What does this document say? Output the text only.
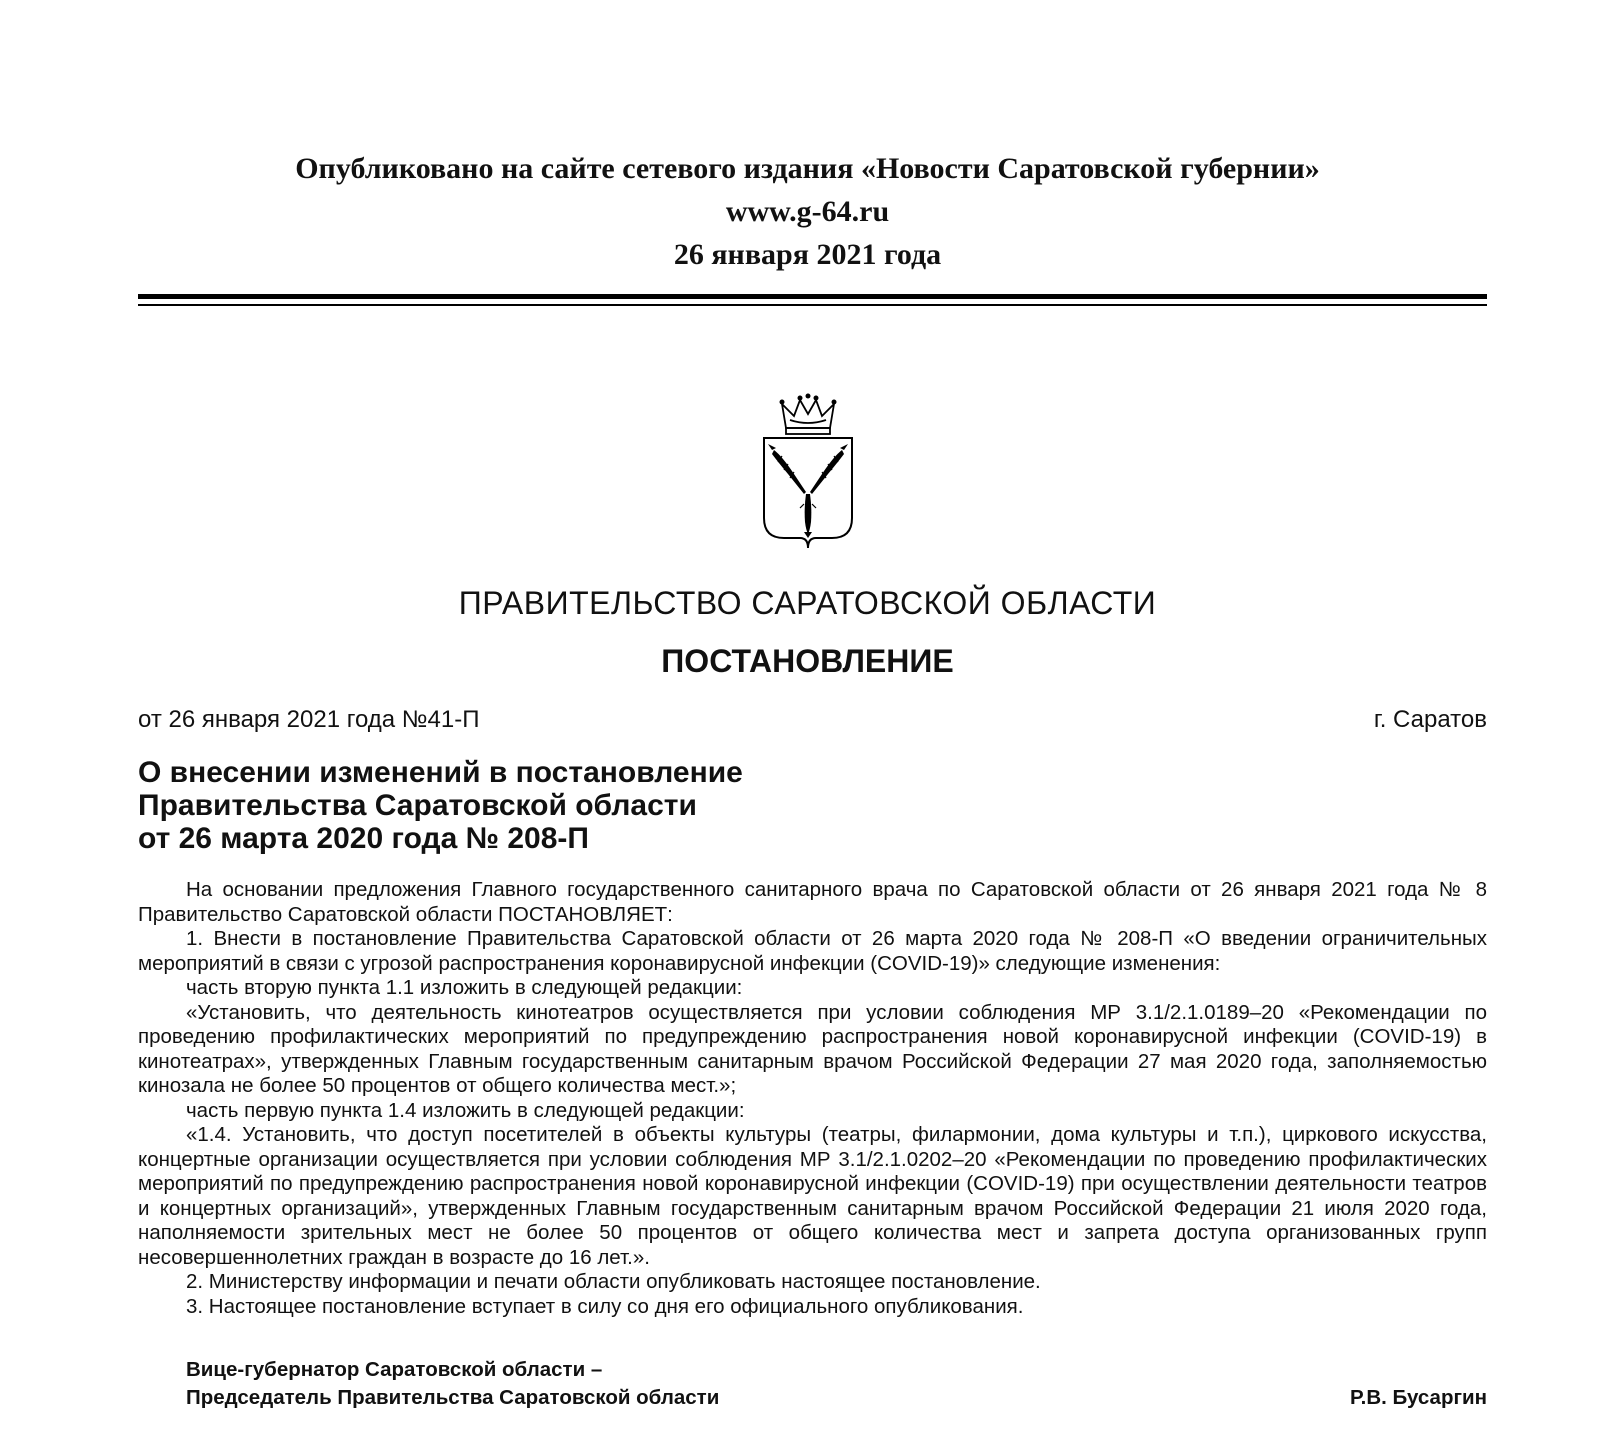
Опубликовано на сайте сетевого издания «Новости Саратовской губернии»
www.g-64.ru
26 января 2021 года
ПРАВИТЕЛЬСТВО САРАТОВСКОЙ ОБЛАСТИ
ПОСТАНОВЛЕНИЕ
от 26 января 2021 года №41-П	г. Саратов
О внесении изменений в постановление
Правительства Саратовской области
от 26 марта 2020 года № 208-П

На основании предложения Главного государственного санитарного врача по Саратовской области от 26 января 2021 года № 8 Правительство Саратовской области ПОСТАНОВЛЯЕТ:

1. Внести в постановление Правительства Саратовской области от 26 марта 2020 года № 208-П «О введении ограничительных мероприятий в связи с угрозой распространения коронавирусной инфекции (COVID-19)» следующие изменения:

часть вторую пункта 1.1 изложить в следующей редакции:

«Установить, что деятельность кинотеатров осуществляется при условии соблюдения МР 3.1/2.1.0189–20 «Рекомендации по проведению профилактических мероприятий по предупреждению распространения новой коронавирусной инфекции (COVID-19) в кинотеатрах», утвержденных Главным государственным санитарным врачом Российской Федерации 27 мая 2020 года, заполняемостью кинозала не более 50 процентов от общего количества мест.»;

часть первую пункта 1.4 изложить в следующей редакции:

«1.4. Установить, что доступ посетителей в объекты культуры (театры, филармонии, дома культуры и т.п.), циркового искусства, концертные организации осуществляется при условии соблюдения МР 3.1/2.1.0202–20 «Рекомендации по проведению профилактических мероприятий по предупреждению распространения новой коронавирусной инфекции (COVID-19) при осуществлении деятельности театров и концертных организаций», утвержденных Главным государственным санитарным врачом Российской Федерации 21 июля 2020 года, наполняемости зрительных мест не более 50 процентов от общего количества мест и запрета доступа организованных групп несовершеннолетних граждан в возрасте до 16 лет.».

2. Министерству информации и печати области опубликовать настоящее постановление.

3. Настоящее постановление вступает в силу со дня его официального опубликования.

Вице-губернатор Саратовской области –
Председатель Правительства Саратовской области	Р.В. Бусаргин
